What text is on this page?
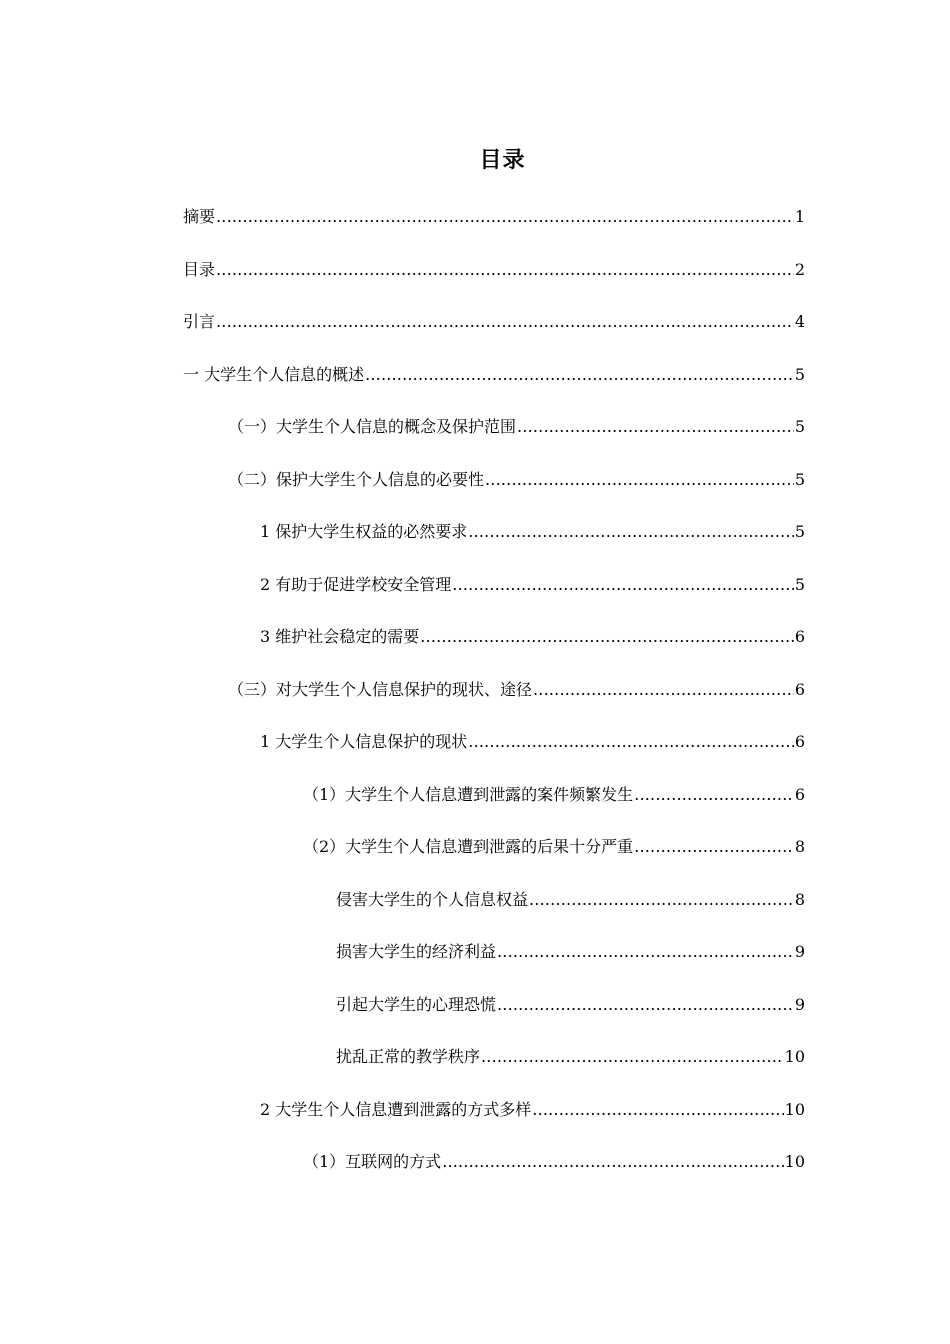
目录
摘要 .....	1
目录 .....	2
引言 .....	4
一 大学生个人信息的概述 .....	5
（一）大学生个人信息的概念及保护范围 .....	5
（二）保护大学生个人信息的必要性 .....	5
1 保护大学生权益的必然要求 .....	5
2 有助于促进学校安全管理 .....	5
3 维护社会稳定的需要 .....	6
（三）对大学生个人信息保护的现状、途径 .....	6
1 大学生个人信息保护的现状 .....	6
（1）大学生个人信息遭到泄露的案件频繁发生 .....	6
（2）大学生个人信息遭到泄露的后果十分严重 .....	8
侵害大学生的个人信息权益 .....	8
损害大学生的经济利益 .....	9
引起大学生的心理恐慌 .....	9
扰乱正常的教学秩序 .....	10
2 大学生个人信息遭到泄露的方式多样 .....	10
（1）互联网的方式 .....	10
